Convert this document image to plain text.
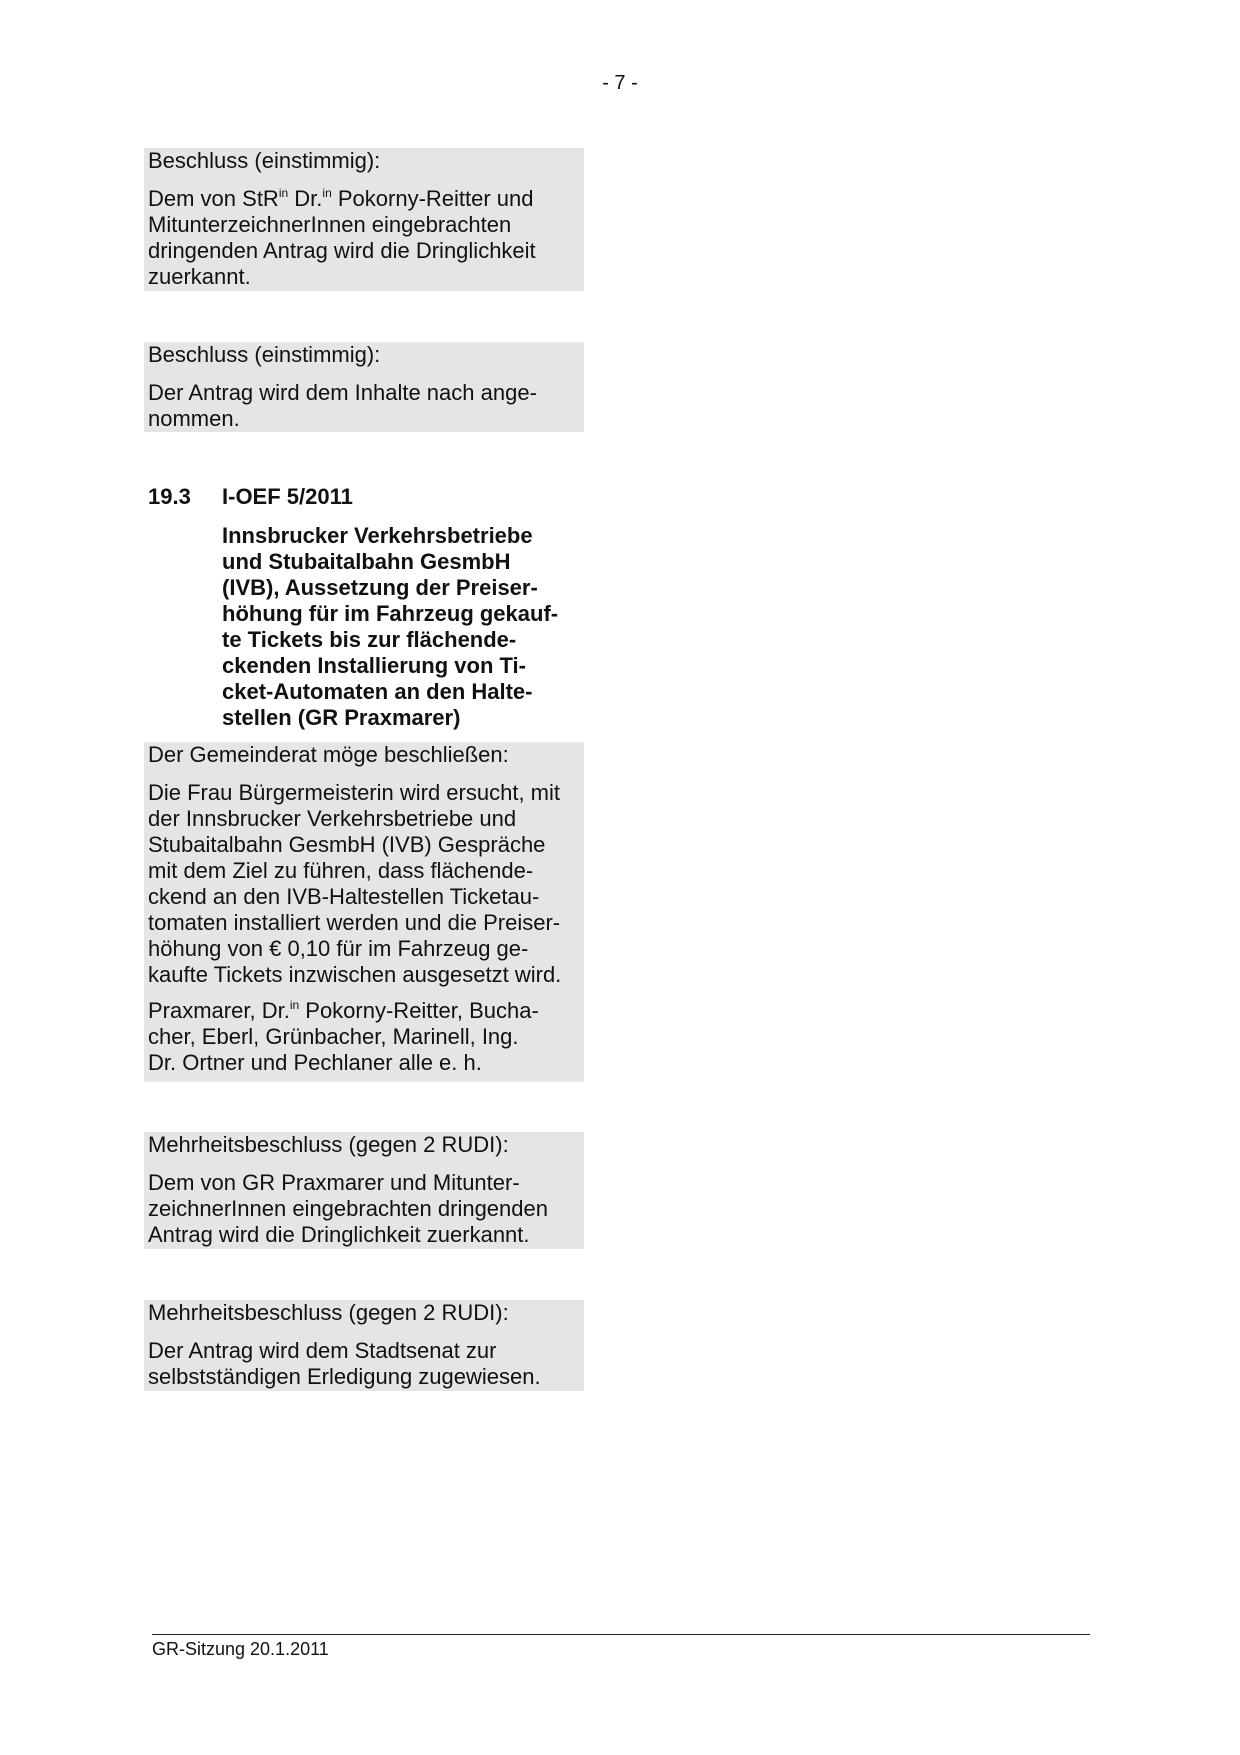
- 7 -

Beschluss (einstimmig):

Dem von StR$^{in}$ Dr.$^{in}$ Pokorny-Reitter und

MitunterzeichnerInnen eingebrachten

dringenden Antrag wird die Dringlichkeit

zuerkannt.

Beschluss (einstimmig):

Der Antrag wird dem Inhalte nach ange-

nommen.

19.3 I-OEF 5/2011
Innsbrucker Verkehrsbetriebe
und Stubaitalbahn GesmbH
(IVB), Aussetzung der Preiser-
höhung für im Fahrzeug gekauf-
te Tickets bis zur flächende-
ckenden Installierung von Ti-
cket-Automaten an den Halte-
stellen (GR Praxmarer)

Der Gemeinderat möge beschließen:

Die Frau Bürgermeisterin wird ersucht, mit

der Innsbrucker Verkehrsbetriebe und

Stubaitalbahn GesmbH (IVB) Gespräche

mit dem Ziel zu führen, dass flächende-

ckend an den IVB-Haltestellen Ticketau-

tomaten installiert werden und die Preiser-

höhung von € 0,10 für im Fahrzeug ge-

kaufte Tickets inzwischen ausgesetzt wird.

Praxmarer, Dr.$^{in}$ Pokorny-Reitter, Bucha-

cher, Eberl, Grünbacher, Marinell, Ing.

Dr. Ortner und Pechlaner alle e. h.

Mehrheitsbeschluss (gegen 2 RUDI):

Dem von GR Praxmarer und Mitunter-

zeichnerInnen eingebrachten dringenden

Antrag wird die Dringlichkeit zuerkannt.

Mehrheitsbeschluss (gegen 2 RUDI):

Der Antrag wird dem Stadtsenat zur

selbstständigen Erledigung zugewiesen.

GR-Sitzung 20.1.2011
